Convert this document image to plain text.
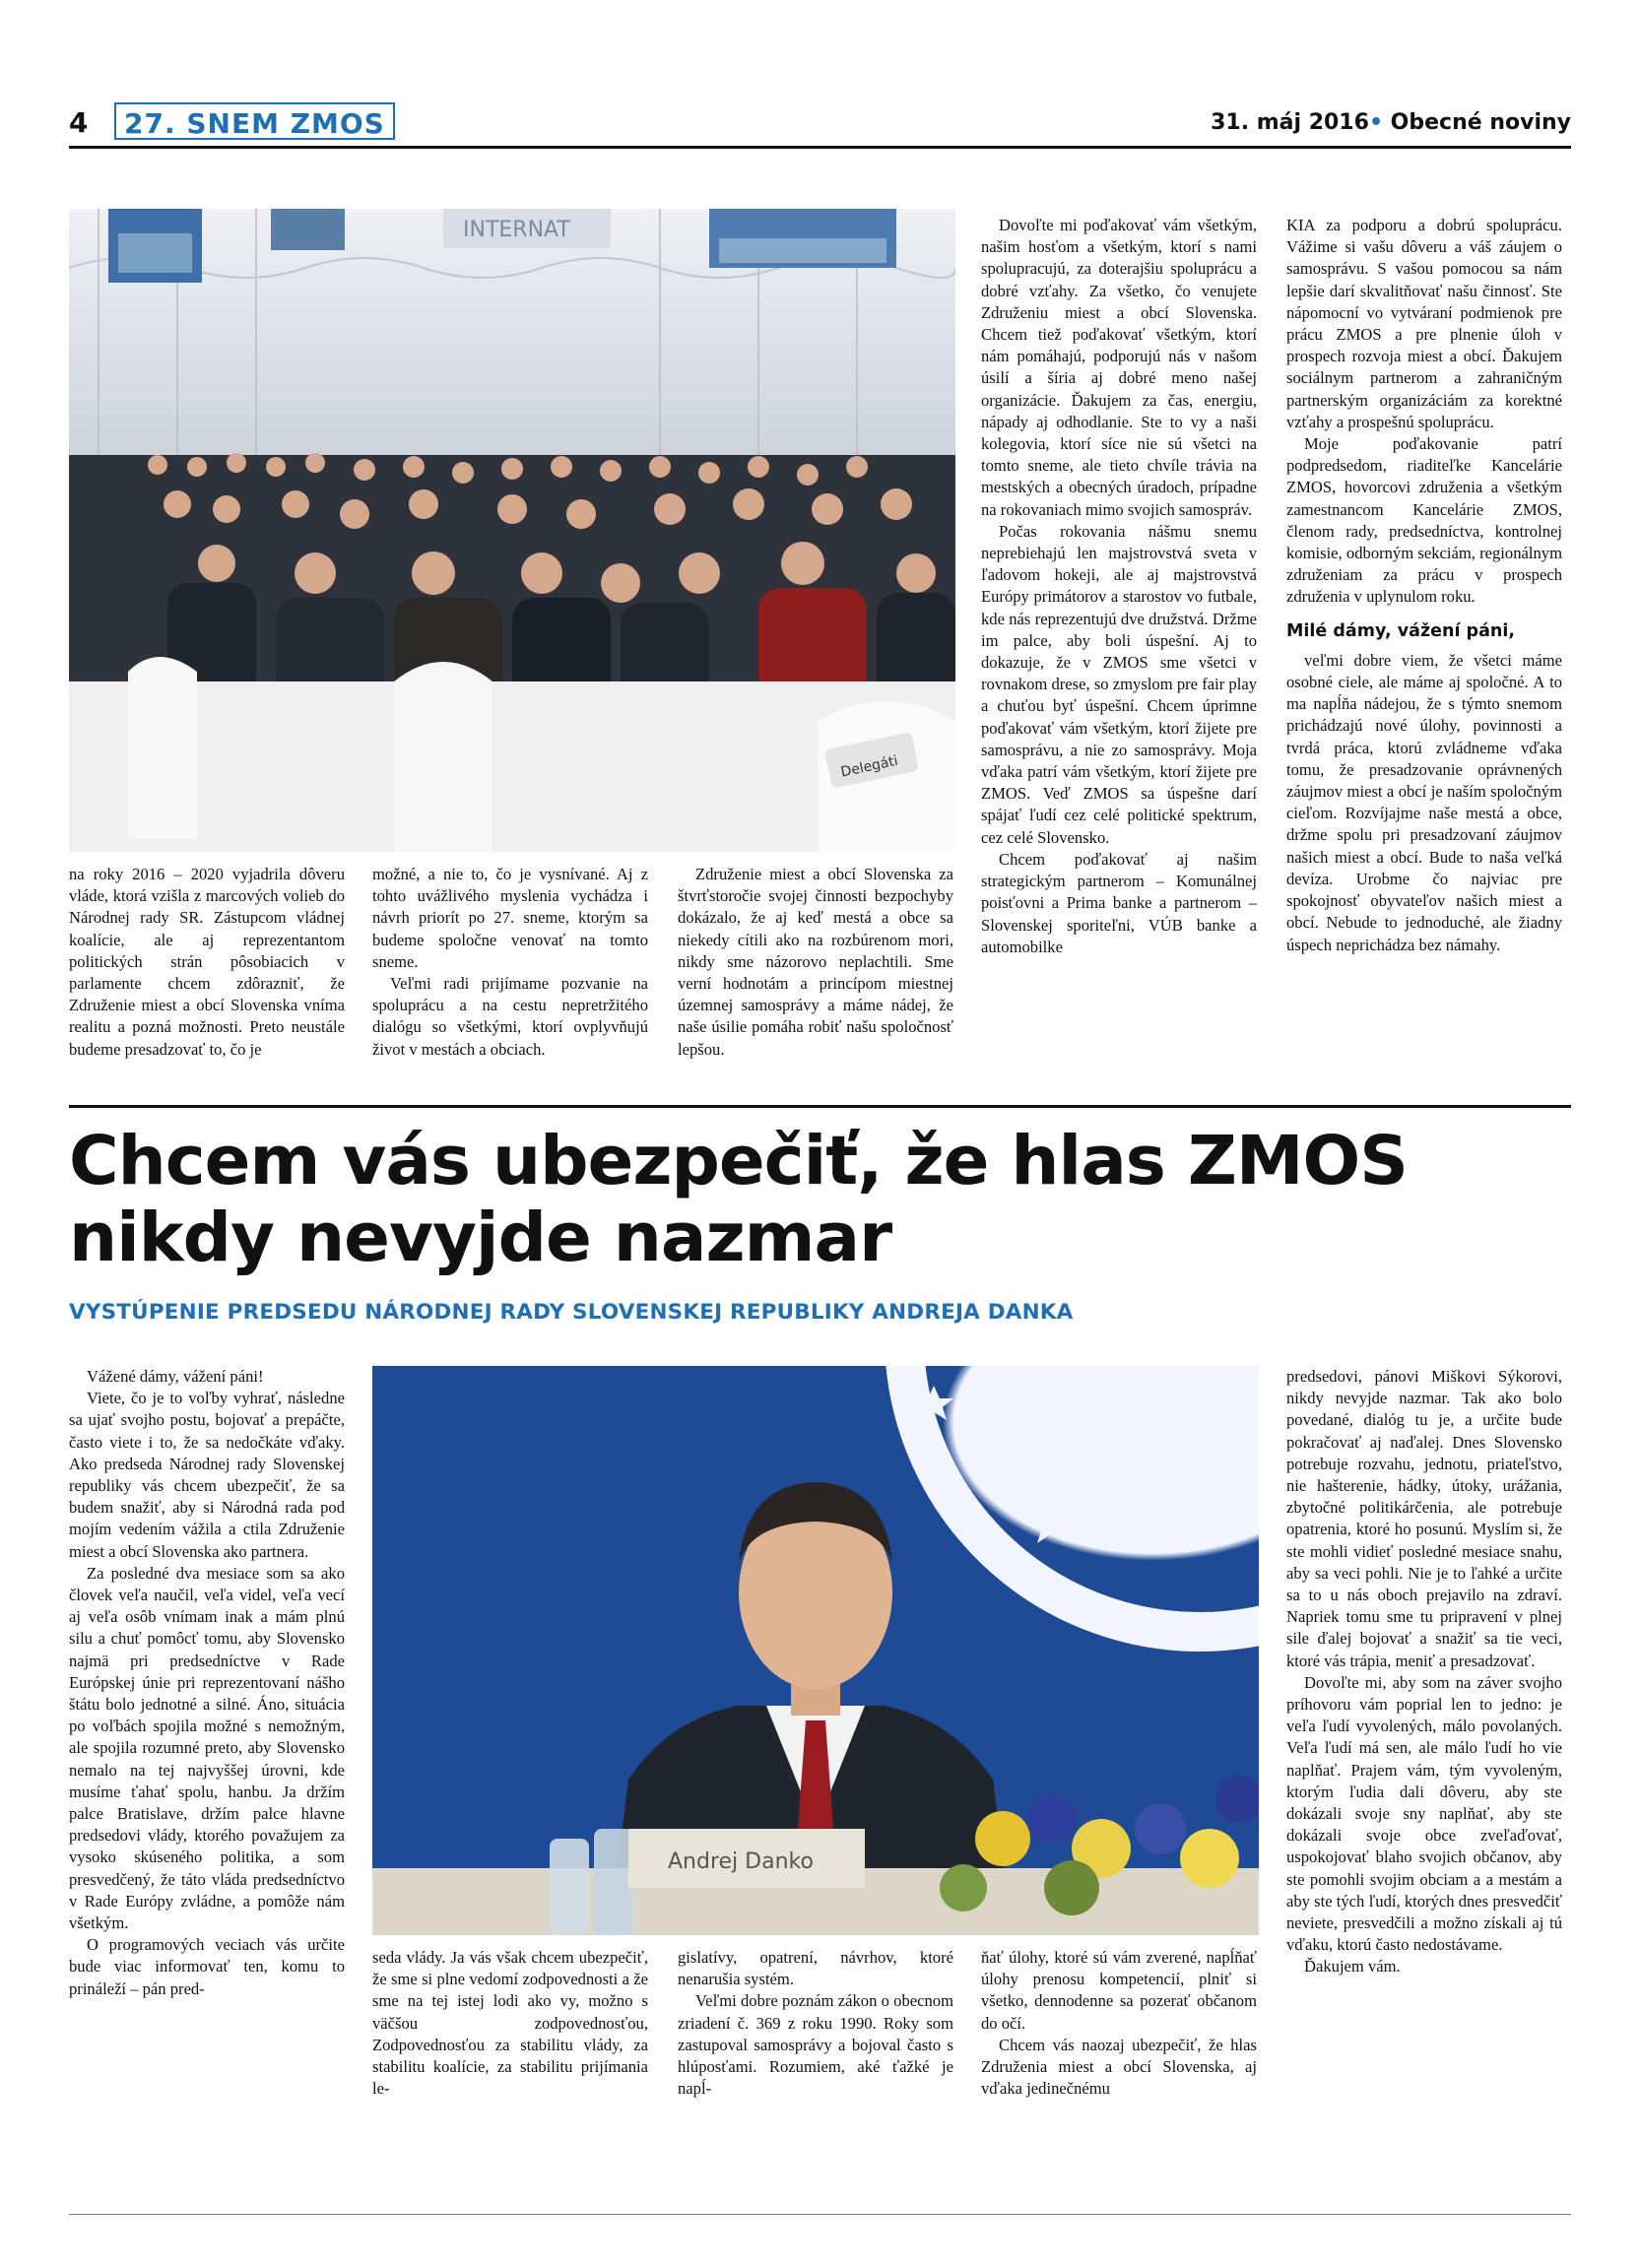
4	27. SNEM ZMOS	31. máj 2016• Obecné noviny
INTERNAT
Delegáti

na roky 2016 – 2020 vyjadrila dôveru vláde, ktorá vzišla z marcových volieb do Národnej rady SR. Zástupcom vládnej koalície, ale aj reprezentantom politických strán pôsobiacich v parlamente chcem zdôrazniť, že Združenie miest a obcí Slovenska vníma realitu a pozná možnosti. Preto neustále budeme presadzovať to, čo je

možné, a nie to, čo je vysnívané. Aj z tohto uvážlivého myslenia vychádza i návrh priorít po 27. sneme, ktorým sa budeme spoločne venovať na tomto sneme.

Veľmi radi prijímame pozvanie na spoluprácu a na cestu nepretržitého dialógu so všetkými, ktorí ovplyvňujú život v mestách a obciach.

Združenie miest a obcí Slovenska za štvrťstoročie svojej činnosti bezpochyby dokázalo, že aj keď mestá a obce sa niekedy cítili ako na rozbúrenom mori, nikdy sme názorovo neplachtili. Sme verní hodnotám a princípom miestnej územnej samosprávy a máme nádej, že naše úsilie pomáha robiť našu spoločnosť lepšou.

Dovoľte mi poďakovať vám všetkým, našim hosťom a všetkým, ktorí s nami spolupracujú, za doterajšiu spoluprácu a dobré vzťahy. Za všetko, čo venujete Združeniu miest a obcí Slovenska. Chcem tiež poďakovať všetkým, ktorí nám pomáhajú, podporujú nás v našom úsilí a šíria aj dobré meno našej organizácie. Ďakujem za čas, energiu, nápady aj odhodlanie. Ste to vy a naši kolegovia, ktorí síce nie sú všetci na tomto sneme, ale tieto chvíle trávia na mestských a obecných úradoch, prípadne na rokovaniach mimo svojich samospráv.

Počas rokovania nášmu snemu neprebiehajú len majstrovstvá sveta v ľadovom hokeji, ale aj majstrovstvá Európy primátorov a starostov vo futbale, kde nás reprezentujú dve družstvá. Držme im palce, aby boli úspešní. Aj to dokazuje, že v ZMOS sme všetci v rovnakom drese, so zmyslom pre fair play a chuťou byť úspešní. Chcem úprimne poďakovať vám všetkým, ktorí žijete pre samosprávu, a nie zo samosprávy. Moja vďaka patrí vám všetkým, ktorí žijete pre ZMOS. Veď ZMOS sa úspešne darí spájať ľudí cez celé politické spektrum, cez celé Slovensko.

Chcem poďakovať aj našim strategickým partnerom – Komunálnej poisťovni a Prima banke a partnerom – Slovenskej sporiteľni, VÚB banke a automobilke

KIA za podporu a dobrú spoluprácu. Vážime si vašu dôveru a váš záujem o samosprávu. S vašou pomocou sa nám lepšie darí skvalitňovať našu činnosť. Ste nápomocní vo vytváraní podmienok pre prácu ZMOS a pre plnenie úloh v prospech rozvoja miest a obcí. Ďakujem sociálnym partnerom a zahraničným partnerským organizáciám za korektné vzťahy a prospešnú spoluprácu.

Moje poďakovanie patrí podpredsedom, riaditeľke Kancelárie ZMOS, hovorcovi združenia a všetkým zamestnancom Kancelárie ZMOS, členom rady, predsedníctva, kontrolnej komisie, odborným sekciám, regionálnym združeniam za prácu v prospech združenia v uplynulom roku.

Milé dámy, vážení páni,

veľmi dobre viem, že všetci máme osobné ciele, ale máme aj spoločné. A to ma napĺňa nádejou, že s týmto snemom prichádzajú nové úlohy, povinnosti a tvrdá práca, ktorú zvládneme vďaka tomu, že presadzovanie oprávnených záujmov miest a obcí je naším spoločným cieľom. Rozvíjajme naše mestá a obce, držme spolu pri presadzovaní záujmov našich miest a obcí. Bude to naša veľká devíza. Urobme čo najviac pre spokojnosť obyvateľov našich miest a obcí. Nebude to jednoduché, ale žiadny úspech neprichádza bez námahy.

Chcem vás ubezpečiť, že hlas ZMOS
nikdy nevyjde nazmar
VYSTÚPENIE PREDSEDU NÁRODNEJ RADY SLOVENSKEJ REPUBLIKY ANDREJA DANKA

Vážené dámy, vážení páni!

Viete, čo je to voľby vyhrať, následne sa ujať svojho postu, bojovať a prepáčte, často viete i to, že sa nedočkáte vďaky. Ako predseda Národnej rady Slovenskej republiky vás chcem ubezpečiť, že sa budem snažiť, aby si Národná rada pod mojím vedením vážila a ctila Združenie miest a obcí Slovenska ako partnera.

Za posledné dva mesiace som sa ako človek veľa naučil, veľa videl, veľa vecí aj veľa osôb vnímam inak a mám plnú silu a chuť pomôcť tomu, aby Slovensko najmä pri predsedníctve v Rade Európskej únie pri reprezentovaní nášho štátu bolo jednotné a silné. Áno, situácia po voľbách spojila možné s nemožným, ale spojila rozumné preto, aby Slovensko nemalo na tej najvyššej úrovni, kde musíme ťahať spolu, hanbu. Ja držím palce Bratislave, držím palce hlavne predsedovi vlády, ktorého považujem za vysoko skúseného politika, a som presvedčený, že táto vláda predsedníctvo v Rade Európy zvládne, a pomôže nám všetkým.

O programových veciach vás určite bude viac informovať ten, komu to prináleží – pán pred-

Andrej Danko

seda vlády. Ja vás však chcem ubezpečiť, že sme si plne vedomí zodpovednosti a že sme na tej istej lodi ako vy, možno s väčšou zodpovednosťou, Zodpovednosťou za stabilitu vlády, za stabilitu koalície, za stabilitu prijímania le-

gislatívy, opatrení, návrhov, ktoré nenarušia systém.

Veľmi dobre poznám zákon o obecnom zriadení č. 369 z roku 1990. Roky som zastupoval samosprávy a bojoval často s hlúposťami. Rozumiem, aké ťažké je napĺ-

ňať úlohy, ktoré sú vám zverené, napĺňať úlohy prenosu kompetencií, plniť si všetko, dennodenne sa pozerať občanom do očí.

Chcem vás naozaj ubezpečiť, že hlas Združenia miest a obcí Slovenska, aj vďaka jedinečnému

predsedovi, pánovi Miškovi Sýkorovi, nikdy nevyjde nazmar. Tak ako bolo povedané, dialóg tu je, a určite bude pokračovať aj naďalej. Dnes Slovensko potrebuje rozvahu, jednotu, priateľstvo, nie hašterenie, hádky, útoky, urážania, zbytočné politikárčenia, ale potrebuje opatrenia, ktoré ho posunú. Myslím si, že ste mohli vidieť posledné mesiace snahu, aby sa veci pohli. Nie je to ľahké a určite sa to u nás oboch prejavilo na zdraví. Napriek tomu sme tu pripravení v plnej sile ďalej bojovať a snažiť sa tie veci, ktoré vás trápia, meniť a presadzovať.

Dovoľte mi, aby som na záver svojho príhovoru vám poprial len to jedno: je veľa ľudí vyvolených, málo povolaných. Veľa ľudí má sen, ale málo ľudí ho vie naplňať. Prajem vám, tým vyvoleným, ktorým ľudia dali dôveru, aby ste dokázali svoje sny naplňať, aby ste dokázali svoje obce zveľaďovať, uspokojovať blaho svojich občanov, aby ste pomohli svojim obciam a a mestám a aby ste tých ľudí, ktorých dnes presvedčiť neviete, presvedčili a možno získali aj tú vďaku, ktorú často nedostávame.

Ďakujem vám.
